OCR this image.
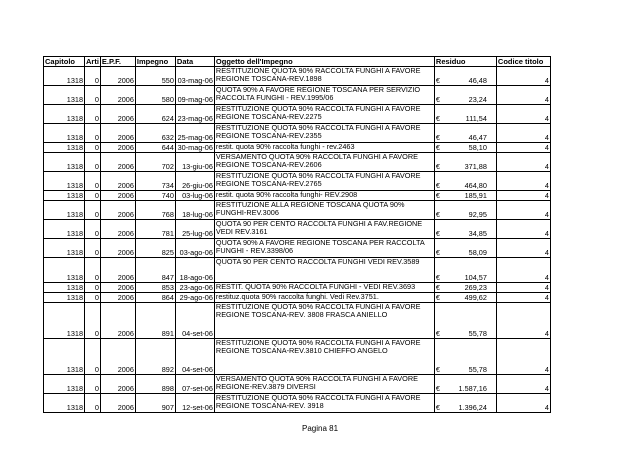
Capitolo	Arti	E.P.F.	Impegno	Data	Oggetto dell'Impegno	Residuo	Codice titolo
1318	0	2006	550	03-mag-06	RESTITUZIONE QUOTA 90% RACCOLTA FUNGHI A FAVORE REGIONE TOSCANA-REV.1898	€ 46,48	4
1318	0	2006	580	09-mag-06	QUOTA 90% A FAVORE REGIONE TOSCANA PER SERVIZIO RACCOLTA FUNGHI - REV.1995/06	€ 23,24	4
1318	0	2006	624	23-mag-06	RESTITUZIONE QUOTA 90% RACCOLTA FUNGHI A FAVORE REGIONE TOSCANA-REV.2275	€ 111,54	4
1318	0	2006	632	25-mag-06	RESTITUZIONE QUOTA 90% RACCOLTA FUNGHI A FAVORE REGIONE TOSCANA-REV.2355	€ 46,47	4
1318	0	2006	644	30-mag-06	restit. quota 90% raccolta funghi - rev.2463	€ 58,10	4
1318	0	2006	702	13-giu-06	VERSAMENTO QUOTA 90% RACCOLTA FUNGHI A FAVORE REGIONE TOSCANA-REV.2606	€ 371,88	4
1318	0	2006	734	26-giu-06	RESTITUZIONE QUOTA 90% RACCOLTA FUNGHI A FAVORE REGIONE TOSCANA-REV.2765	€ 464,80	4
1318	0	2006	740	03-lug-06	restit. quota 90% raccolta funghi- REV.2908	€ 185,91	4
1318	0	2006	768	18-lug-06	RESTITUZIONE ALLA REGIONE TOSCANA QUOTA 90% FUNGHI-REV.3006	€ 92,95	4
1318	0	2006	781	25-lug-06	QUOTA 90 PER CENTO RACCOLTA FUNGHI A FAV.REGIONE VEDI REV.3161	€ 34,85	4
1318	0	2006	825	03-ago-06	QUOTA 90% A FAVORE REGIONE TOSCANA PER RACCOLTA FUNGHI - REV.3398/06	€ 58,09	4
1318	0	2006	847	18-ago-06	QUOTA 90 PER CENTO RACCOLTA FUNGHI VEDI REV.3589	€ 104,57	4
1318	0	2006	853	23-ago-06	RESTIT. QUOTA 90% RACCOLTA FUNGHI - VEDI REV.3693	€ 269,23	4
1318	0	2006	864	29-ago-06	restituz.quota 90% raccolta funghi. Vedi Rev.3751.	€ 499,62	4
1318	0	2006	891	04-set-06	RESTITUZIONE QUOTA 90% RACCOLTA FUNGHI A FAVORE REGIONE TOSCANA-REV. 3808 FRASCA ANIELLO	€ 55,78	4
1318	0	2006	892	04-set-06	RESTITUZIONE QUOTA 90% RACCOLTA FUNGHI A FAVORE REGIONE TOSCANA-REV.3810 CHIEFFO ANGELO	€ 55,78	4
1318	0	2006	898	07-set-06	VERSAMENTO QUOTA 90% RACCOLTA FUNGHI A FAVORE REGIONE-REV.3879 DIVERSI	€ 1.587,16	4
1318	0	2006	907	12-set-06	RESTITUZIONE QUOTA 90% RACCOLTA FUNGHI A FAVORE REGIONE TOSCANA-REV. 3918	€ 1.396,24	4
Pagina 81
